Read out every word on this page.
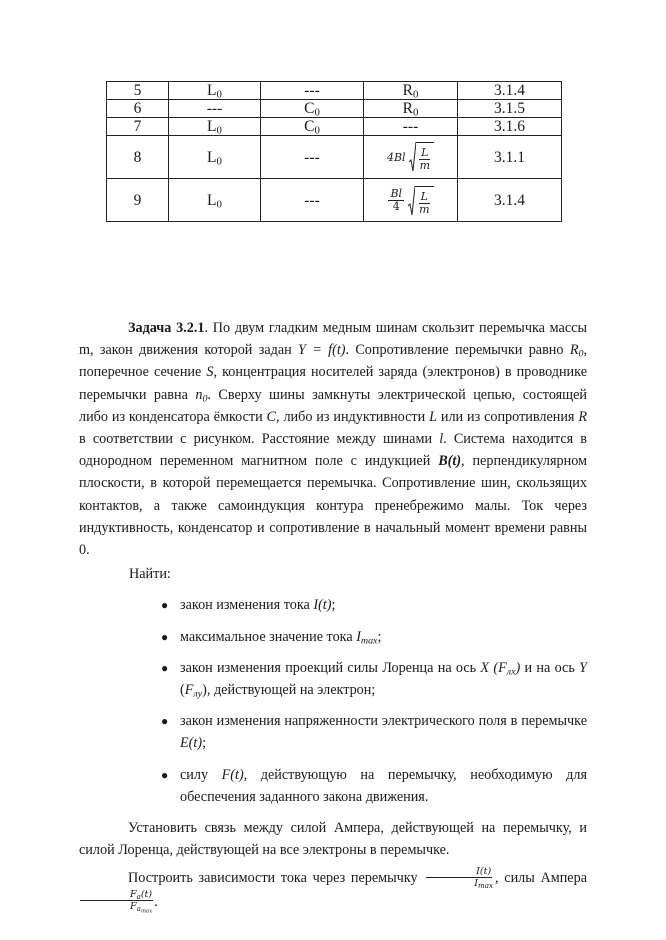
5	$L_0$	---	$R_0$	3.1.4
6	---	$C_0$	$R_0$	3.1.5
7	$L_0$	$C_0$	---	3.1.6
8	$L_0$	---	$4Bl \frac{L}{m}$	3.1.1
9	$L_0$	---	$\frac{Bl}{4} \frac{L}{m}$	3.1.4

Задача 3.2.1. По двум гладким медным шинам скользит перемычка массы m, закон движения которой задан Y = f(t). Сопротивление перемычки равно $R_0$, поперечное сечение S, концентрация носителей заряда (электронов) в проводнике перемычки равна $n_0$. Сверху шины замкнуты электрической цепью, состоящей либо из конденсатора ёмкости C, либо из индуктивности L или из сопротивления R в соответствии с рисунком. Расстояние между шинами l. Система находится в однородном переменном магнитном поле с индукцией B(t), перпендикулярном плоскости, в которой перемещается перемычка. Сопротивление шин, скользящих контактов, а также самоиндукция контура пренебрежимо малы. Ток через индуктивность, конденсатор и сопротивление в начальный момент времени равны 0.

Найти:

● закон изменения тока I(t);
● максимальное значение тока $I_{max}$;
● закон изменения проекций силы Лоренца на ось X $(F_{лx})$ и на ось Y $(F_{лy})$, действующей на электрон;
● закон изменения напряженности электрического поля в перемычке E(t);
● силу F(t), действующую на перемычку, необходимую для обеспечения заданного закона движения.

Установить связь между силой Ампера, действующей на перемычку, и силой Лоренца, действующей на все электроны в перемычке.

Построить зависимости тока через перемычку $\frac{I(t)}{I_{max}}$ , силы Ампера
$\frac{F_a(t)}{F_{a_{max}}}$ .
